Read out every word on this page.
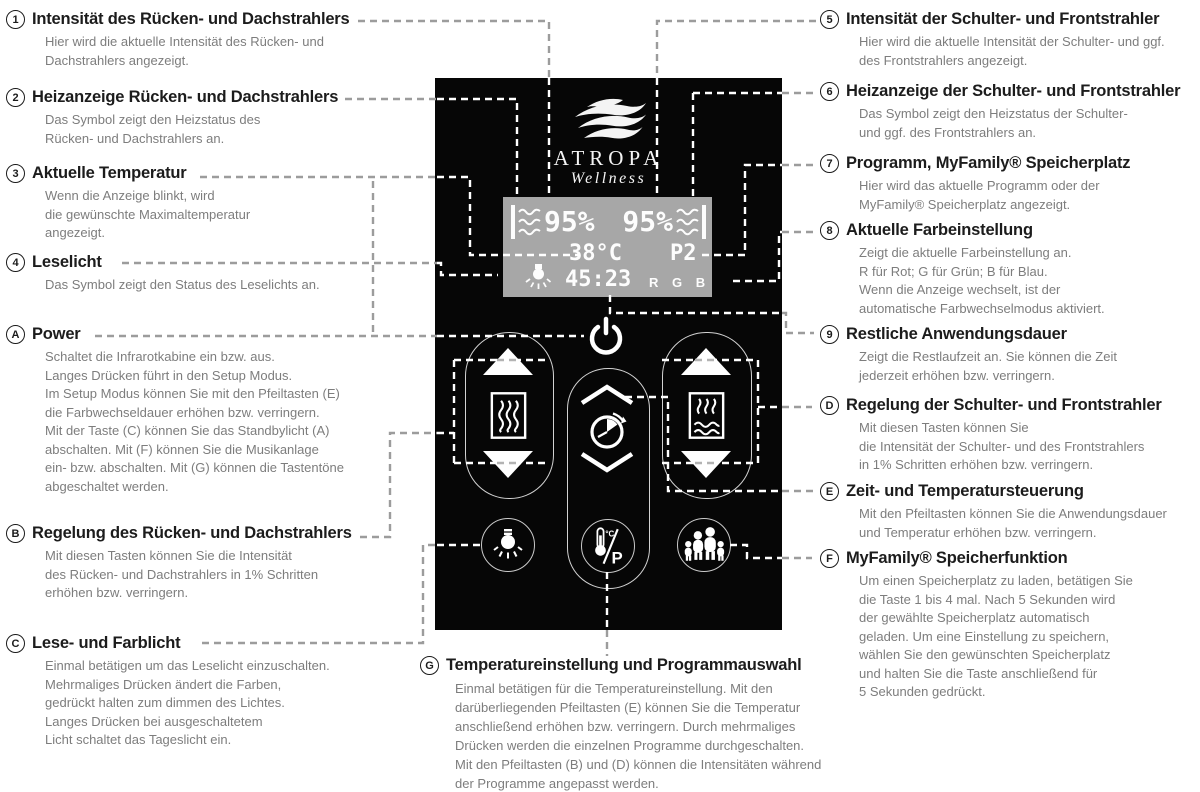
ATROPA
Wellness
95% 95%
38°C P2
45:23 R G B
°C
P
1 Intensität des Rücken- und Dachstrahlers
Hier wird die aktuelle Intensität des Rücken- und
Dachstrahlers angezeigt.
2 Heizanzeige Rücken- und Dachstrahlers
Das Symbol zeigt den Heizstatus des
Rücken- und Dachstrahlers an.
3 Aktuelle Temperatur
Wenn die Anzeige blinkt, wird
die gewünschte Maximaltemperatur
angezeigt.
4 Leselicht
Das Symbol zeigt den Status des Leselichts an.
A Power
Schaltet die Infrarotkabine ein bzw. aus.
Langes Drücken führt in den Setup Modus.
Im Setup Modus können Sie mit den Pfeiltasten (E)
die Farbwechseldauer erhöhen bzw. verringern.
Mit der Taste (C) können Sie das Standbylicht (A)
abschalten. Mit (F) können Sie die Musikanlage
ein- bzw. abschalten. Mit (G) können die Tastentöne
abgeschaltet werden.
B Regelung des Rücken- und Dachstrahlers
Mit diesen Tasten können Sie die Intensität
des Rücken- und Dachstrahlers in 1% Schritten
erhöhen bzw. verringern.
C Lese- und Farblicht
Einmal betätigen um das Leselicht einzuschalten.
Mehrmaliges Drücken ändert die Farben,
gedrückt halten zum dimmen des Lichtes.
Langes Drücken bei ausgeschaltetem
Licht schaltet das Tageslicht ein.
5 Intensität der Schulter- und Frontstrahler
Hier wird die aktuelle Intensität der Schulter- und ggf.
des Frontstrahlers angezeigt.
6 Heizanzeige der Schulter- und Frontstrahler
Das Symbol zeigt den Heizstatus der Schulter-
und ggf. des Frontstrahlers an.
7 Programm, MyFamily® Speicherplatz
Hier wird das aktuelle Programm oder der
MyFamily® Speicherplatz angezeigt.
8 Aktuelle Farbeinstellung
Zeigt die aktuelle Farbeinstellung an.
R für Rot; G für Grün; B für Blau.
Wenn die Anzeige wechselt, ist der
automatische Farbwechselmodus aktiviert.
9 Restliche Anwendungsdauer
Zeigt die Restlaufzeit an. Sie können die Zeit
jederzeit erhöhen bzw. verringern.
D Regelung der Schulter- und Frontstrahler
Mit diesen Tasten können Sie
die Intensität der Schulter- und des Frontstrahlers
in 1% Schritten erhöhen bzw. verringern.
E Zeit- und Temperatursteuerung
Mit den Pfeiltasten können Sie die Anwendungsdauer
und Temperatur erhöhen bzw. verringern.
F MyFamily® Speicherfunktion
Um einen Speicherplatz zu laden, betätigen Sie
die Taste 1 bis 4 mal. Nach 5 Sekunden wird
der gewählte Speicherplatz automatisch
geladen. Um eine Einstellung zu speichern,
wählen Sie den gewünschten Speicherplatz
und halten Sie die Taste anschließend für
5 Sekunden gedrückt.
G Temperatureinstellung und Programmauswahl
Einmal betätigen für die Temperatureinstellung. Mit den
darüberliegenden Pfeiltasten (E) können Sie die Temperatur
anschließend erhöhen bzw. verringern. Durch mehrmaliges
Drücken werden die einzelnen Programme durchgeschalten.
Mit den Pfeiltasten (B) und (D) können die Intensitäten während
der Programme angepasst werden.
